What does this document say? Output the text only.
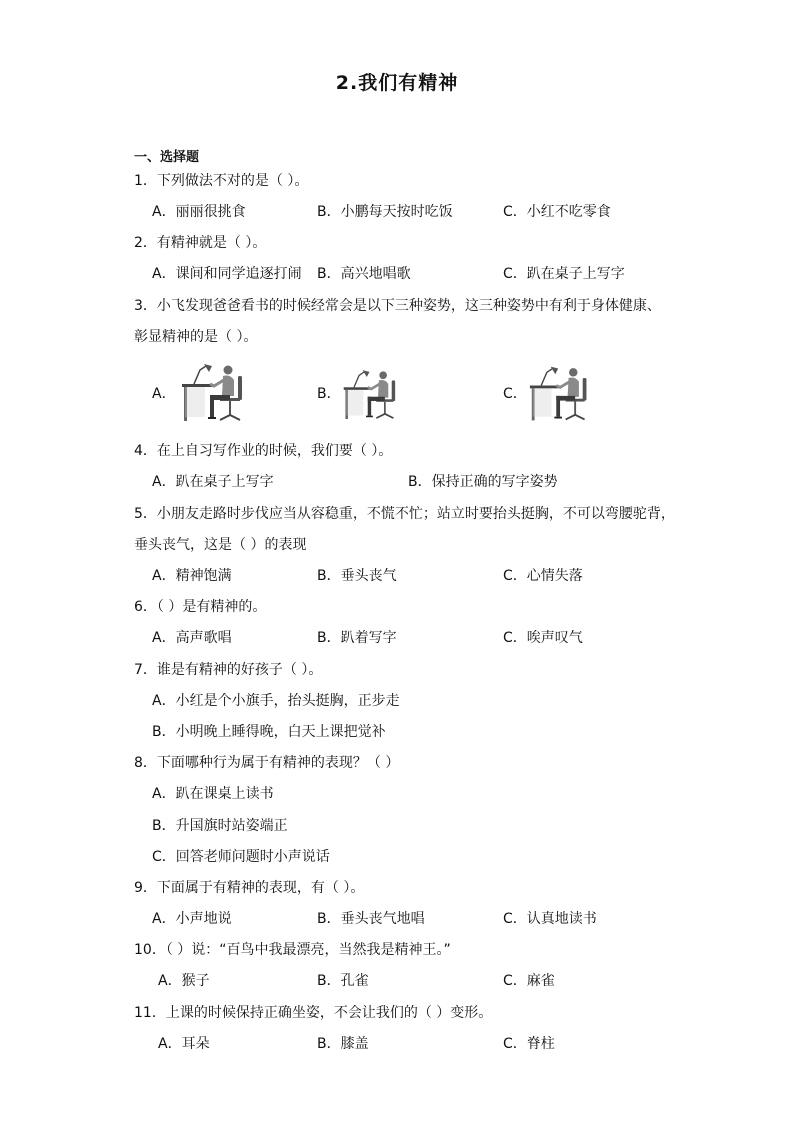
2.我们有精神
一、选择题
1．下列做法不对的是（ ）。
A．丽丽很挑食	B．小鹏每天按时吃饭	C．小红不吃零食
2．有精神就是（ ）。
A．课间和同学追逐打闹 B．高兴地唱歌	C．趴在桌子上写字
3．小飞发现爸爸看书的时候经常会是以下三种姿势，这三种姿势中有利于身体健康、
彰显精神的是（ ）。
A．	B．	C．
4．在上自习写作业的时候，我们要（ ）。
A．趴在桌子上写字	B．保持正确的写字姿势
5．小朋友走路时步伐应当从容稳重，不慌不忙；站立时要抬头挺胸，不可以弯腰驼背，
垂头丧气，这是（ ）的表现
A．精神饱满	B．垂头丧气	C．心情失落
6．（ ）是有精神的。
A．高声歌唱	B．趴着写字	C．唉声叹气
7．谁是有精神的好孩子（ ）。
A．小红是个小旗手，抬头挺胸，正步走
B．小明晚上睡得晚，白天上课把觉补
8．下面哪种行为属于有精神的表现？（ ）
A．趴在课桌上读书
B．升国旗时站姿端正
C．回答老师问题时小声说话
9．下面属于有精神的表现，有（ ）。
A．小声地说	B．垂头丧气地唱	C．认真地读书
10．（ ）说：“百鸟中我最漂亮，当然我是精神王。”
A．猴子	B．孔雀	C．麻雀
11．上课的时候保持正确坐姿，不会让我们的（ ）变形。
A．耳朵	B．膝盖	C．脊柱
